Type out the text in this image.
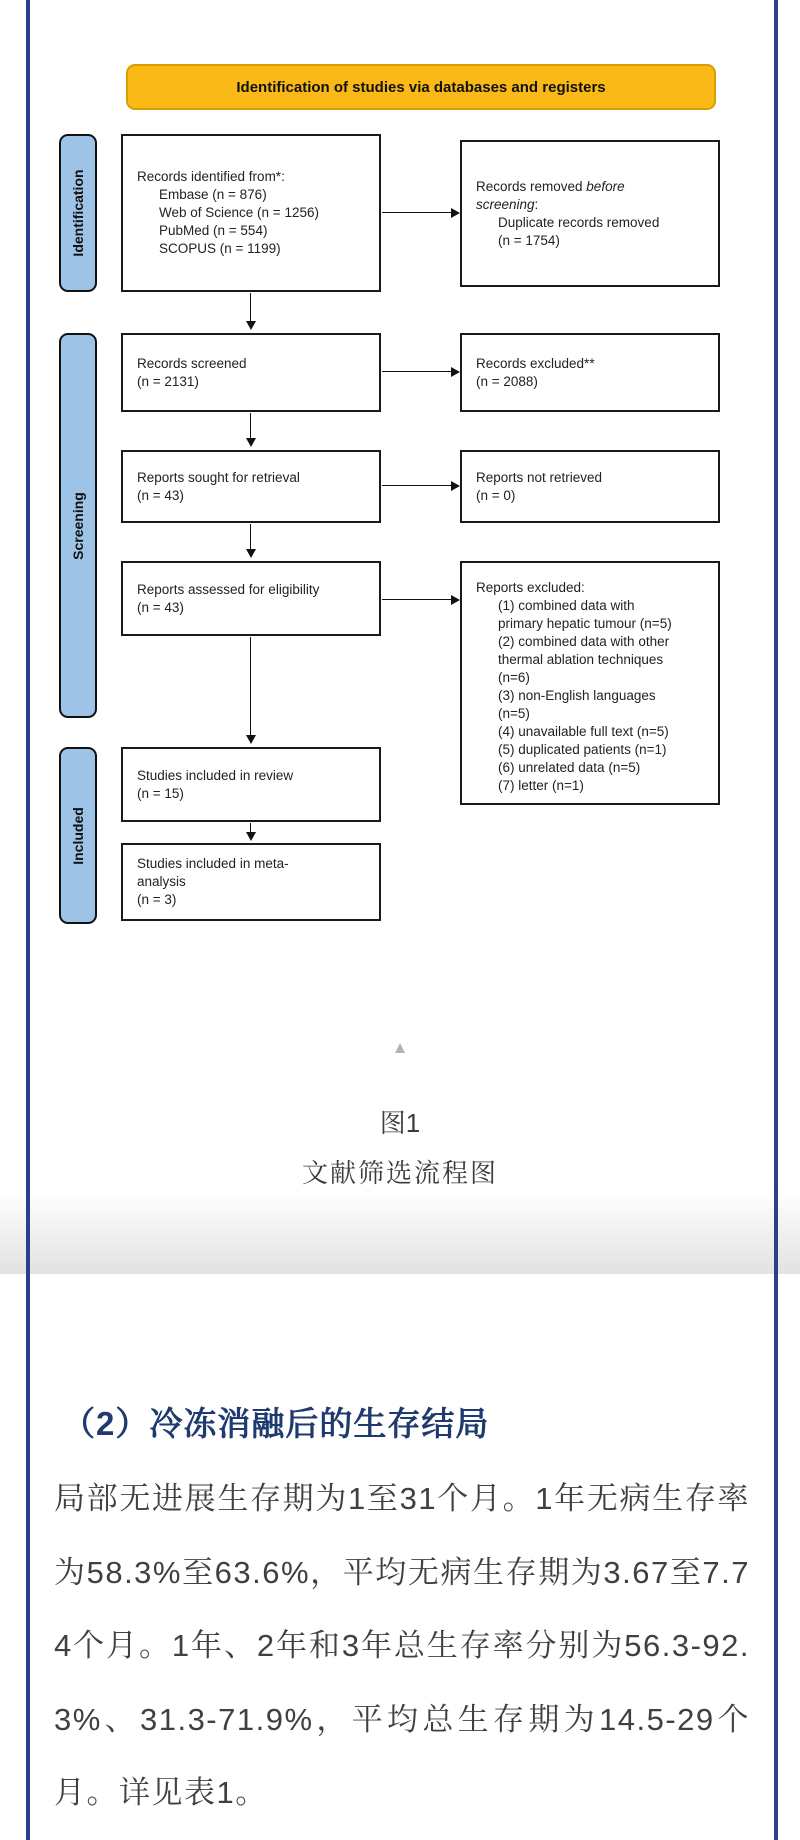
Identification of studies via databases and registers
Identification
Screening
Included
Records identified from*:
Embase (n = 876)
Web of Science (n = 1256)
PubMed (n = 554)
SCOPUS (n = 1199)
Records removed before
screening:
Duplicate records removed
(n = 1754)
Records screened
(n = 2131)
Records excluded**
(n = 2088)
Reports sought for retrieval
(n = 43)
Reports not retrieved
(n = 0)
Reports assessed for eligibility
(n = 43)
Reports excluded:
(1) combined data with
primary hepatic tumour (n=5)
(2) combined data with other
thermal ablation techniques
(n=6)
(3) non-English languages
(n=5)
(4) unavailable full text (n=5)
(5) duplicated patients (n=1)
(6) unrelated data (n=5)
(7) letter (n=1)
Studies included in review
(n = 15)
Studies included in meta-
analysis
(n = 3)
▲
图1
文献筛选流程图
（2）冷冻消融后的生存结局
局部无进展生存期为1至31个月。1年无病生存率为58.3%至63.6%，平均无病生存期为3.67至7.74个月。1年、2年和3年总生存率分别为56.3-92.3%、31.3-71.9%，平均总生存期为14.5-29个月。详见表1。
